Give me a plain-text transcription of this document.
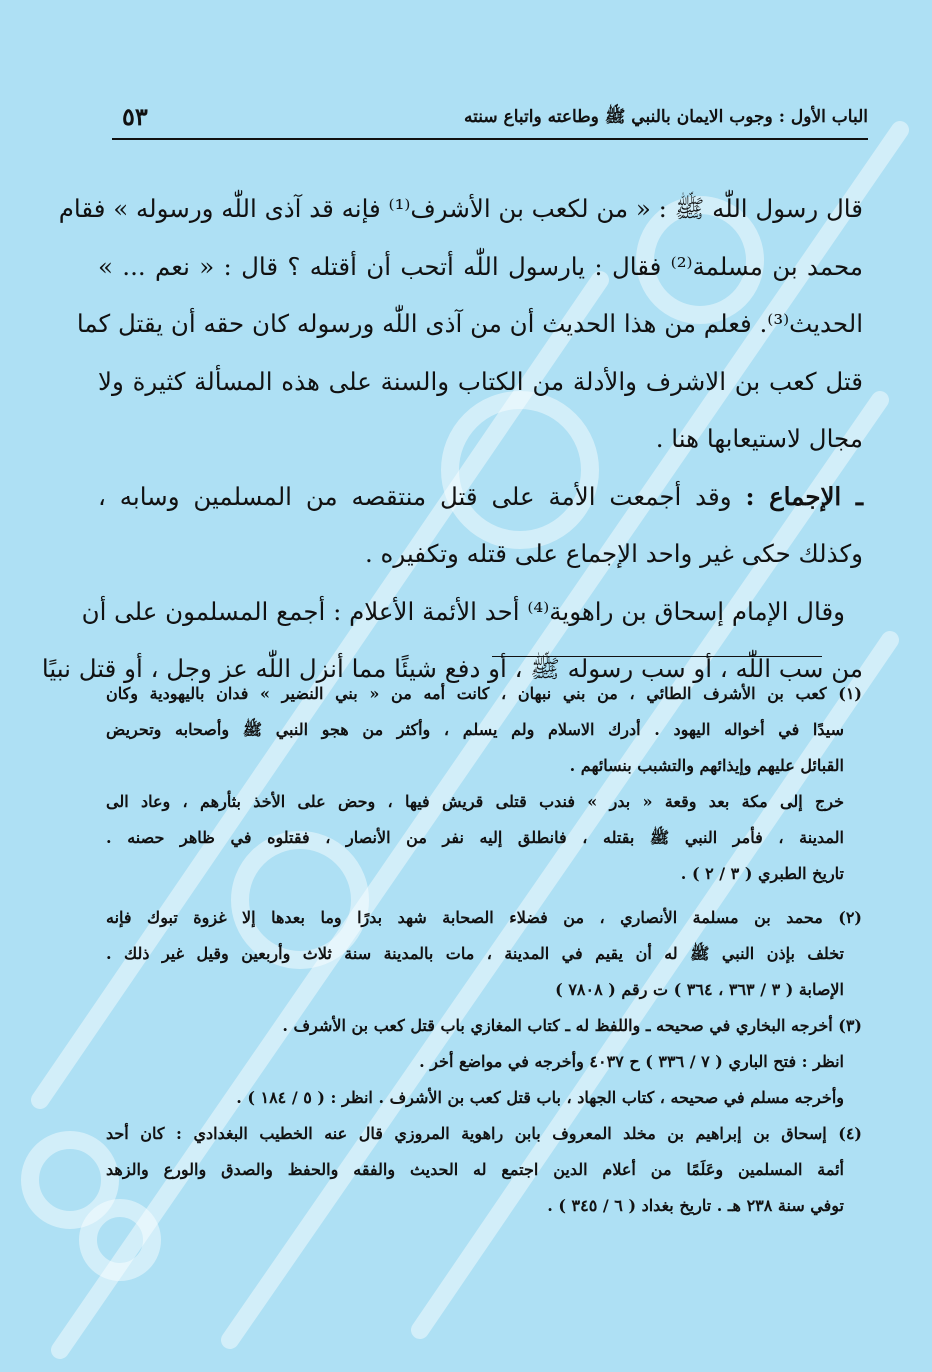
الباب الأول : وجوب الايمان بالنبي ﷺ وطاعته واتباع سنته
٥٣
قال رسول اللّٰه ﷺ : « من لكعب بن الأشرف⁽¹⁾ فإنه قد آذى اللّٰه ورسوله » فقام
محمد بن مسلمة⁽²⁾ فقال : يارسول اللّٰه أتحب أن أقتله ؟ قال : « نعم ... »
الحديث⁽³⁾. فعلم من هذا الحديث أن من آذى اللّٰه ورسوله كان حقه أن يقتل كما
قتل كعب بن الاشرف والأدلة من الكتاب والسنة على هذه المسألة كثيرة ولا
مجال لاستيعابها هنا .
ـ الإجماع : وقد أجمعت الأمة على قتل منتقصه من المسلمين وسابه ،
وكذلك حكى غير واحد الإجماع على قتله وتكفيره .
وقال الإمام إسحاق بن راهوية⁽⁴⁾ أحد الأئمة الأعلام : أجمع المسلمون على أن
من سب اللّٰه ، أو سب رسوله ﷺ ، أو دفع شيئًا مما أنزل اللّٰه عز وجل ، أو قتل نبيًا
(١) كعب بن الأشرف الطائي ، من بني نبهان ، كانت أمه من « بني النضير » فدان باليهودية وكان
سيدًا في أخواله اليهود . أدرك الاسلام ولم يسلم ، وأكثر من هجو النبي ﷺ وأصحابه وتحريض
القبائل عليهم وإيذائهم والتشبب بنسائهم .
خرج إلى مكة بعد وقعة « بدر » فندب قتلى قريش فيها ، وحض على الأخذ بثأرهم ، وعاد الى
المدينة ، فأمر النبي ﷺ بقتله ، فانطلق إليه نفر من الأنصار ، فقتلوه في ظاهر حصنه .
تاريخ الطبري ( ٣ / ٢ ) .
(٢) محمد بن مسلمة الأنصاري ، من فضلاء الصحابة شهد بدرًا وما بعدها إلا غزوة تبوك فإنه
تخلف بإذن النبي ﷺ له أن يقيم في المدينة ، مات بالمدينة سنة ثلاث وأربعين وقيل غير ذلك .
الإصابة ( ٣ / ٣٦٣ ، ٣٦٤ ) ت رقم ( ٧٨٠٨ )
(٣) أخرجه البخاري في صحيحه ـ واللفظ له ـ كتاب المغازي باب قتل كعب بن الأشرف .
انظر : فتح الباري ( ٧ / ٣٣٦ ) ح ٤٠٣٧ وأخرجه في مواضع أخر .
وأخرجه مسلم في صحيحه ، كتاب الجهاد ، باب قتل كعب بن الأشرف . انظر : ( ٥ / ١٨٤ ) .
(٤) إسحاق بن إبراهيم بن مخلد المعروف بابن راهوية المروزي قال عنه الخطيب البغدادي : كان أحد
أئمة المسلمين وعَلَمًا من أعلام الدين اجتمع له الحديث والفقه والحفظ والصدق والورع والزهد
توفي سنة ٢٣٨ هـ . تاريخ بغداد ( ٦ / ٣٤٥ ) .
